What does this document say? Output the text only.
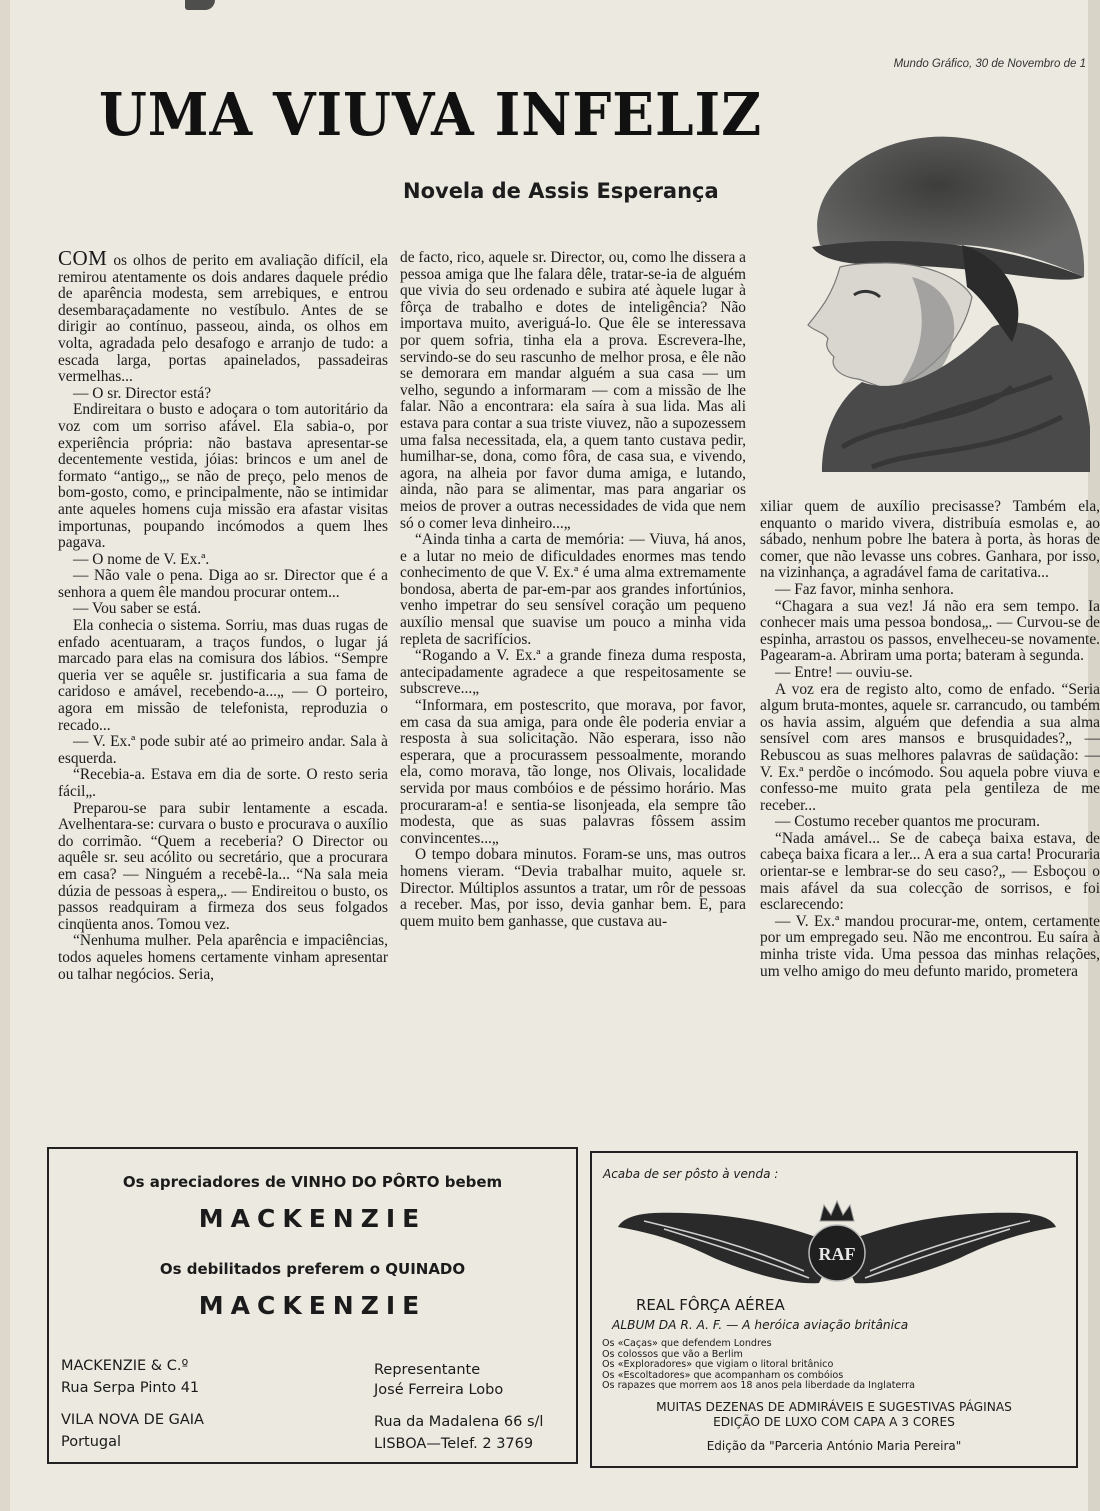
Mundo Gráfico, 30 de Novembro de 1
UMA VIUVA INFELIZ
Novela de Assis Esperança

COM os olhos de perito em avaliação difícil, ela remirou atentamente os dois andares daquele prédio de aparência modesta, sem arrebiques, e entrou desembaraçadamente no vestíbulo. Antes de se dirigir ao contínuo, passeou, ainda, os olhos em volta, agradada pelo desafogo e arranjo de tudo: a escada larga, portas apainelados, passadeiras vermelhas...

— O sr. Director está?

Endireitara o busto e adoçara o tom autoritário da voz com um sorriso afável. Ela sabia-o, por experiência própria: não bastava apresentar-se decentemente vestida, jóias: brincos e um anel de formato “antigo„, se não de preço, pelo menos de bom-gosto, como, e principalmente, não se intimidar ante aqueles homens cuja missão era afastar visitas importunas, poupando incómodos a quem lhes pagava.

— O nome de V. Ex.ª.

— Não vale o pena. Diga ao sr. Director que é a senhora a quem êle mandou procurar ontem...

— Vou saber se está.

Ela conhecia o sistema. Sorriu, mas duas rugas de enfado acentuaram, a traços fundos, o lugar já marcado para elas na comisura dos lábios. “Sempre queria ver se aquêle sr. justificaria a sua fama de caridoso e amável, recebendo-a...„ — O porteiro, agora em missão de telefonista, reproduzia o recado...

— V. Ex.ª pode subir até ao primeiro andar. Sala à esquerda.

“Recebia-a. Estava em dia de sorte. O resto seria fácil„.

Preparou-se para subir lentamente a escada. Avelhentara-se: curvara o busto e procurava o auxílio do corrimão. “Quem a receberia? O Director ou aquêle sr. seu acólito ou secretário, que a procurara em casa? — Ninguém a recebê-la... “Na sala meia dúzia de pessoas à espera„. — Endireitou o busto, os passos readquiram a firmeza dos seus folgados cinqüenta anos. Tomou vez.

“Nenhuma mulher. Pela aparência e impaciências, todos aqueles homens certamente vinham apresentar ou talhar negócios. Seria,

de facto, rico, aquele sr. Director, ou, como lhe dissera a pessoa amiga que lhe falara dêle, tratar-se-ia de alguém que vivia do seu ordenado e subira até àquele lugar à fôrça de trabalho e dotes de inteligência? Não importava muito, averiguá-lo. Que êle se interessava por quem sofria, tinha ela a prova. Escrevera-lhe, servindo-se do seu rascunho de melhor prosa, e êle não se demorara em mandar alguém a sua casa — um velho, segundo a informaram — com a missão de lhe falar. Não a encontrara: ela saíra à sua lida. Mas ali estava para contar a sua triste viuvez, não a supozessem uma falsa necessitada, ela, a quem tanto custava pedir, humilhar-se, dona, como fôra, de casa sua, e vivendo, agora, na alheia por favor duma amiga, e lutando, ainda, não para se alimentar, mas para angariar os meios de prover a outras necessidades de vida que nem só o comer leva dinheiro...„

“Ainda tinha a carta de memória: — Viuva, há anos, e a lutar no meio de dificuldades enormes mas tendo conhecimento de que V. Ex.ª é uma alma extremamente bondosa, aberta de par-em-par aos grandes infortúnios, venho impetrar do seu sensível coração um pequeno auxílio mensal que suavise um pouco a minha vida repleta de sacrifícios.

“Rogando a V. Ex.ª a grande fineza duma resposta, antecipadamente agradece a que respeitosamente se subscreve...„

“Informara, em postescrito, que morava, por favor, em casa da sua amiga, para onde êle poderia enviar a resposta à sua solicitação. Não esperara, isso não esperara, que a procurassem pessoalmente, morando ela, como morava, tão longe, nos Olivais, localidade servida por maus combóios e de péssimo horário. Mas procuraram-a! e sentia-se lisonjeada, ela sempre tão modesta, que as suas palavras fôssem assim convincentes...„

O tempo dobara minutos. Foram-se uns, mas outros homens vieram. “Devia trabalhar muito, aquele sr. Director. Múltiplos assuntos a tratar, um rôr de pessoas a receber. Mas, por isso, devia ganhar bem. E, para quem muito bem ganhasse, que custava au-

xiliar quem de auxílio precisasse? Também ela, enquanto o marido vivera, distribuía esmolas e, ao sábado, nenhum pobre lhe batera à porta, às horas de comer, que não levasse uns cobres. Ganhara, por isso, na vizinhança, a agradável fama de caritativa...

— Faz favor, minha senhora.

“Chagara a sua vez! Já não era sem tempo. Ia conhecer mais uma pessoa bondosa„. — Curvou-se de espinha, arrastou os passos, envelheceu-se novamente. Pagearam-a. Abriram uma porta; bateram à segunda.

— Entre! — ouviu-se.

A voz era de registo alto, como de enfado. “Seria algum bruta-montes, aquele sr. carrancudo, ou também os havia assim, alguém que defendia a sua alma sensível com ares mansos e brusquidades?„ — Rebuscou as suas melhores palavras de saüdação: — V. Ex.ª perdõe o incómodo. Sou aquela pobre viuva e confesso-me muito grata pela gentileza de me receber...

— Costumo receber quantos me procuram.

“Nada amável... Se de cabeça baixa estava, de cabeça baixa ficara a ler... A era a sua carta! Procuraria orientar-se e lembrar-se do seu caso?„ — Esboçou o mais afável da sua colecção de sorrisos, e foi esclarecendo:

— V. Ex.ª mandou procurar-me, ontem, certamente por um empregado seu. Não me encontrou. Eu saíra à minha triste vida. Uma pessoa das minhas relações, um velho amigo do meu defunto marido, prometera

Os apreciadores de VINHO DO PÔRTO bebem
MACKENZIE
Os debilitados preferem o QUINADO
MACKENZIE
MACKENZIE & C.º
Rua Serpa Pinto 41
VILA NOVA DE GAIA
Portugal
Representante
José Ferreira Lobo
Rua da Madalena 66 s/l
LISBOA—Telef. 2 3769
Acaba de ser pôsto à venda :
RAF
REAL FÔRÇA AÉREA
ALBUM DA R. A. F. — A heróica aviação britânica
Os «Caças» que defendem Londres
Os colossos que vão a Berlim
Os «Exploradores» que vigiam o litoral britânico
Os «Escoltadores» que acompanham os combóios
Os rapazes que morrem aos 18 anos pela liberdade da Inglaterra
MUITAS DEZENAS DE ADMIRÁVEIS E SUGESTIVAS PÁGINAS
EDIÇÃO DE LUXO COM CAPA A 3 CORES
Edição da "Parceria António Maria Pereira"
